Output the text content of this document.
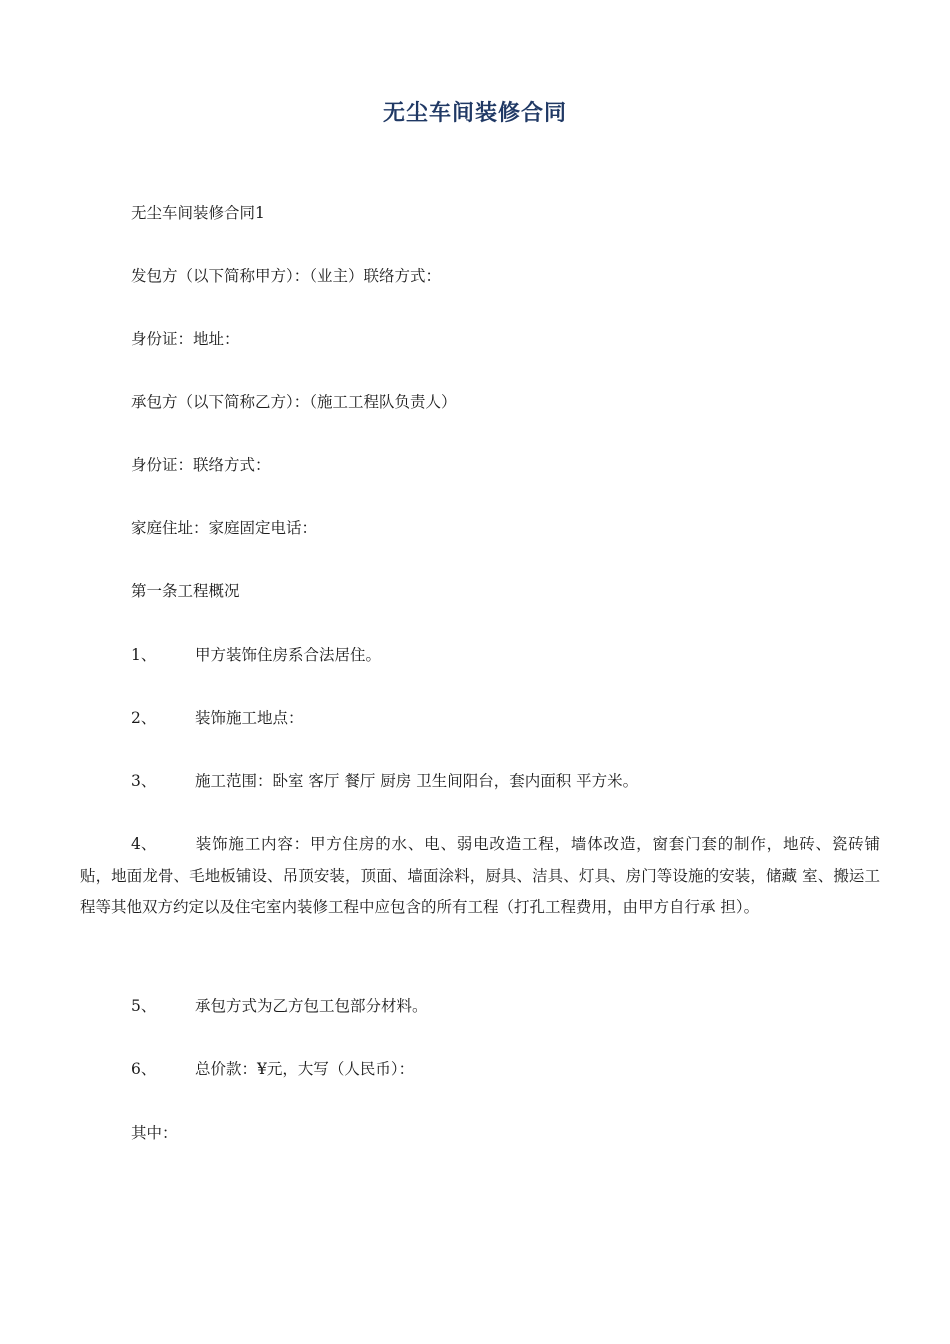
无尘车间装修合同
无尘车间装修合同1
发包方（以下简称甲方）：（业主）联络方式：
身份证：地址：
承包方（以下简称乙方）：（施工工程队负责人）
身份证：联络方式：
家庭住址：家庭固定电话：
第一条工程概况
1、 甲方装饰住房系合法居住。
2、 装饰施工地点：
3、 施工范围：卧室 客厅 餐厅 厨房 卫生间阳台，套内面积 平方米。
4、 装饰施工内容：甲方住房的水、电、弱电改造工程，墙体改造，窗套门套的制作，地砖、瓷砖铺 贴，地面龙骨、毛地板铺设、吊顶安装，顶面、墙面涂料，厨具、洁具、灯具、房门等设施的安装，储藏 室、搬运工程等其他双方约定以及住宅室内装修工程中应包含的所有工程（打孔工程费用，由甲方自行承 担）。
5、 承包方式为乙方包工包部分材料。
6、 总价款：¥元，大写（人民币）：
其中：
